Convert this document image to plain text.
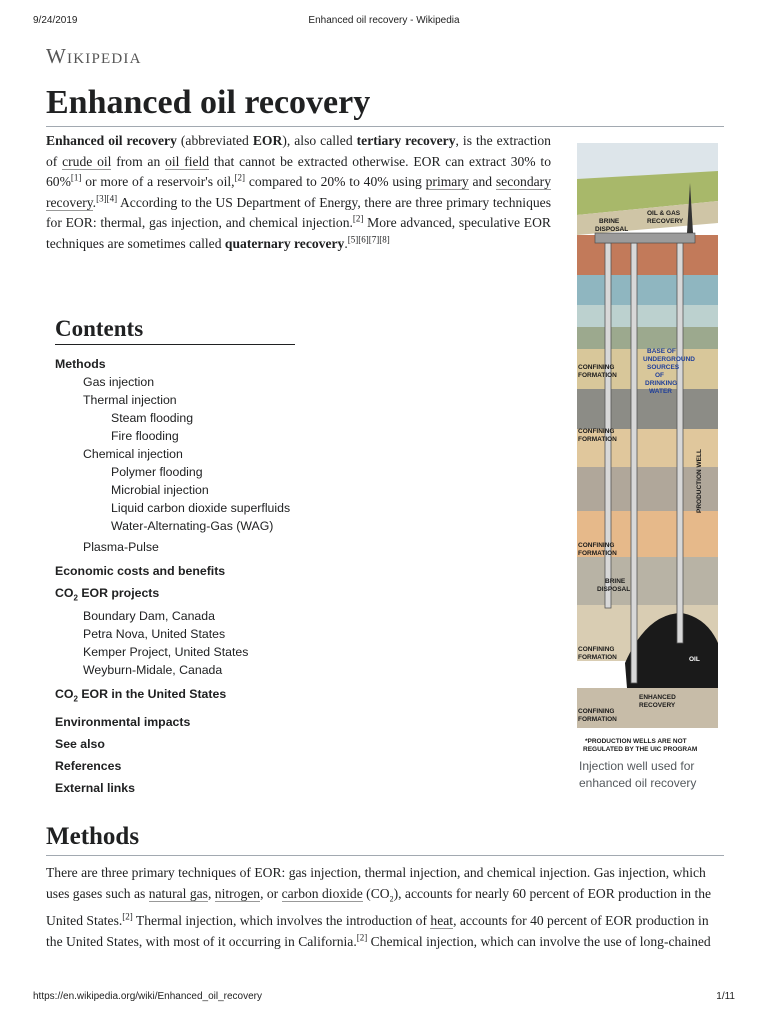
9/24/2019	Enhanced oil recovery - Wikipedia
Wikipedia
Enhanced oil recovery

Enhanced oil recovery (abbreviated EOR), also called tertiary recovery, is the extraction of crude oil from an oil field that cannot be extracted otherwise. EOR can extract 30% to 60%[1] or more of a reservoir's oil,[2] compared to 20% to 40% using primary and secondary recovery.[3][4] According to the US Department of Energy, there are three primary techniques for EOR: thermal, gas injection, and chemical injection.[2] More advanced, speculative EOR techniques are sometimes called quaternary recovery.[5][6][7][8]

Contents
Methods
Gas injection
Thermal injection
Steam flooding
Fire flooding
Chemical injection
Polymer flooding
Microbial injection
Liquid carbon dioxide superfluids
Water-Alternating-Gas (WAG)
Plasma-Pulse
Economic costs and benefits
$CO_2$ EOR projects
Boundary Dam, Canada
Petra Nova, United States
Kemper Project, United States
Weyburn-Midale, Canada
$CO_2$ EOR in the United States
Environmental impacts
See also
References
External links
BRINE
DISPOSAL
OIL & GAS
RECOVERY
BASE OF
UNDERGROUND
SOURCES
OF
DRINKING
WATER
CONFINING
FORMATION
CONFINING
FORMATION
CONFINING
FORMATION
BRINE
DISPOSAL
CONFINING
FORMATION
PRODUCTION WELL
OIL
ENHANCED
RECOVERY
CONFINING
FORMATION
*PRODUCTION WELLS ARE NOT
REGULATED BY THE UIC PROGRAM
Injection well used for enhanced oil recovery
Methods

There are three primary techniques of EOR: gas injection, thermal injection, and chemical injection. Gas injection, which uses gases such as natural gas, nitrogen, or carbon dioxide $(CO_2)$, accounts for nearly 60 percent of EOR production in the United States.[2] Thermal injection, which involves the introduction of heat, accounts for 40 percent of EOR production in the United States, with most of it occurring in California.[2] Chemical injection, which can involve the use of long-chained

https://en.wikipedia.org/wiki/Enhanced_oil_recovery	1/11
